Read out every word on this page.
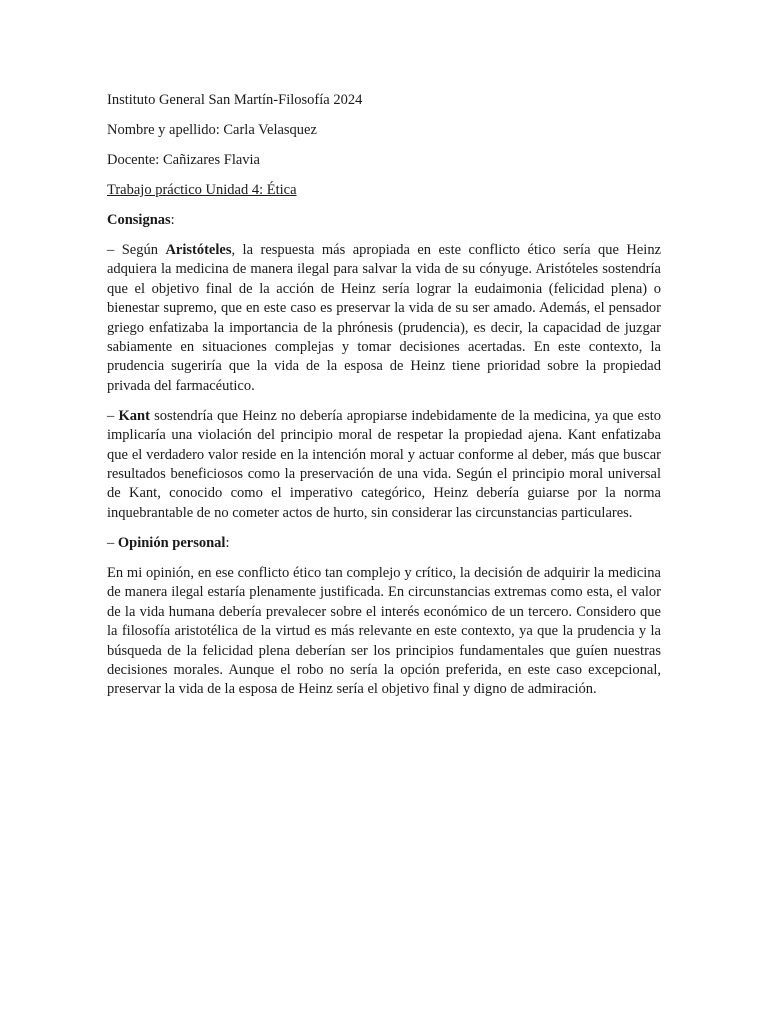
Instituto General San Martín-Filosofía 2024
Nombre y apellido: Carla Velasquez
Docente: Cañizares Flavia
Trabajo práctico Unidad 4: Ética
Consignas:

– Según Aristóteles, la respuesta más apropiada en este conflicto ético sería que Heinz adquiera la medicina de manera ilegal para salvar la vida de su cónyuge. Aristóteles sostendría que el objetivo final de la acción de Heinz sería lograr la eudaimonia (felicidad plena) o bienestar supremo, que en este caso es preservar la vida de su ser amado. Además, el pensador griego enfatizaba la importancia de la phrónesis (prudencia), es decir, la capacidad de juzgar sabiamente en situaciones complejas y tomar decisiones acertadas. En este contexto, la prudencia sugeriría que la vida de la esposa de Heinz tiene prioridad sobre la propiedad privada del farmacéutico.

– Kant sostendría que Heinz no debería apropiarse indebidamente de la medicina, ya que esto implicaría una violación del principio moral de respetar la propiedad ajena. Kant enfatizaba que el verdadero valor reside en la intención moral y actuar conforme al deber, más que buscar resultados beneficiosos como la preservación de una vida. Según el principio moral universal de Kant, conocido como el imperativo categórico, Heinz debería guiarse por la norma inquebrantable de no cometer actos de hurto, sin considerar las circunstancias particulares.

– Opinión personal:

En mi opinión, en ese conflicto ético tan complejo y crítico, la decisión de adquirir la medicina de manera ilegal estaría plenamente justificada. En circunstancias extremas como esta, el valor de la vida humana debería prevalecer sobre el interés económico de un tercero. Considero que la filosofía aristotélica de la virtud es más relevante en este contexto, ya que la prudencia y la búsqueda de la felicidad plena deberían ser los principios fundamentales que guíen nuestras decisiones morales. Aunque el robo no sería la opción preferida, en este caso excepcional, preservar la vida de la esposa de Heinz sería el objetivo final y digno de admiración.
